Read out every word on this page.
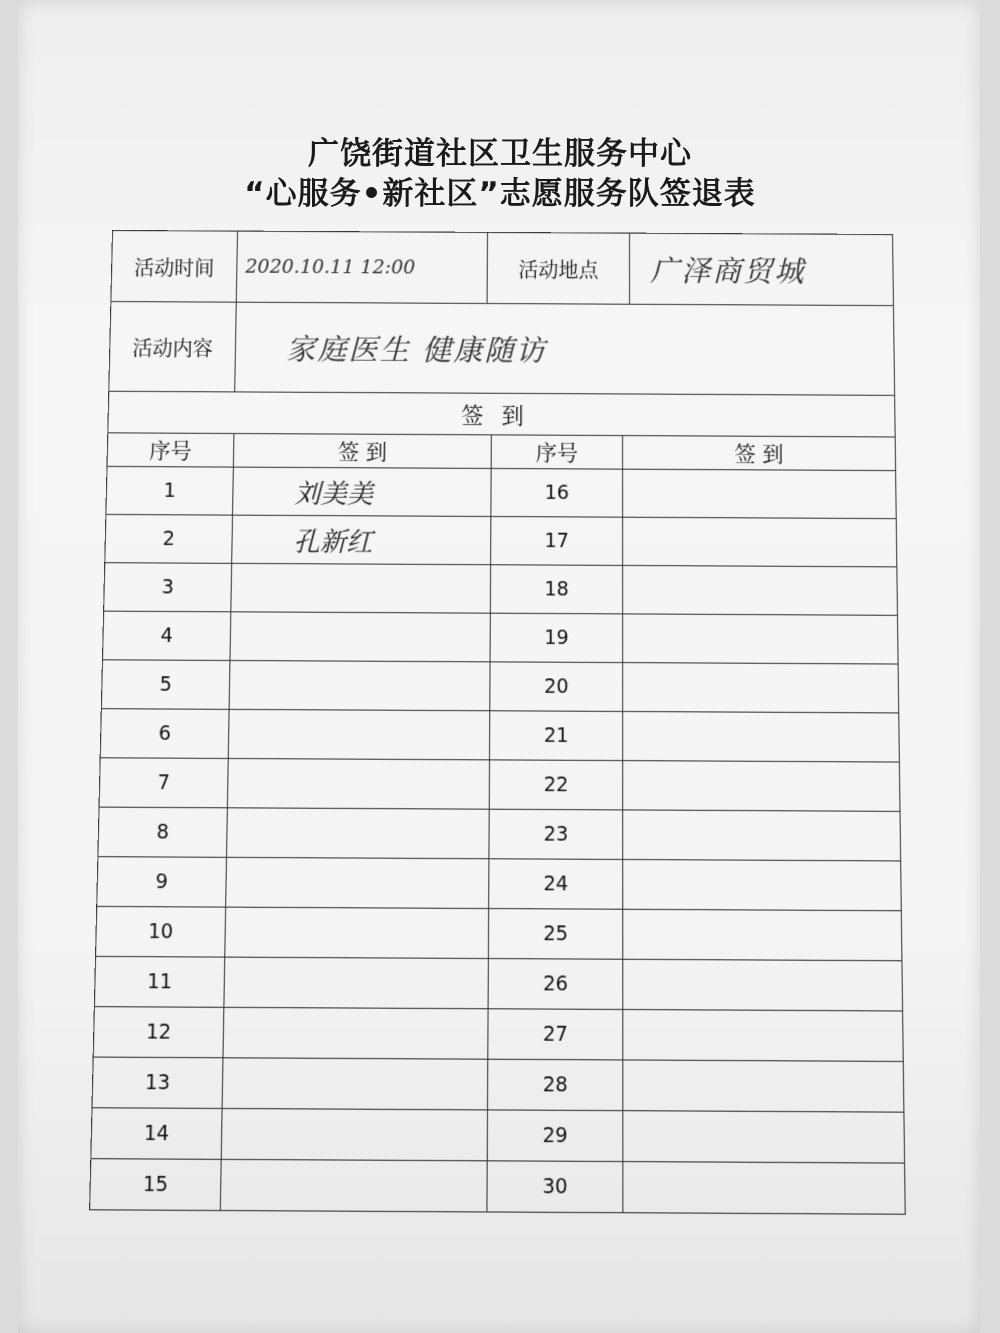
广饶街道社区卫生服务中心
“心服务•新社区”志愿服务队签退表
活动时间	2020.10.11 12:00	活动地点	广泽商贸城
活动内容	家庭医生 健康随访		
签到			
序号	签 到	序号	签 到
1	刘美美	16	
2	孔新红	17	
3		18	
4		19	
5		20	
6		21	
7		22	
8		23	
9		24	
10		25	
11		26	
12		27	
13		28	
14		29	
15		30	
